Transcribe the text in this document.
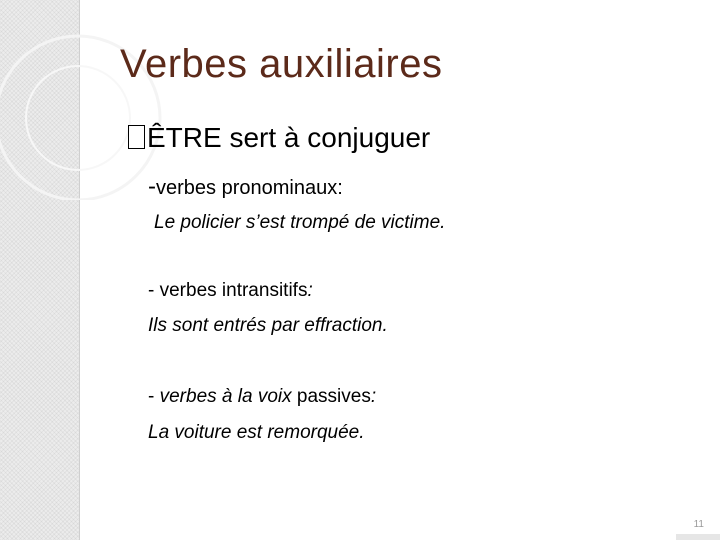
Verbes auxiliaires
ÊTRE sert à conjuguer
-verbes pronominaux:
Le policier s’est trompé de victime.
- verbes intransitifs:
Ils sont entrés par effraction.
- verbes à la voix passives:
La voiture est remorquée.
11
